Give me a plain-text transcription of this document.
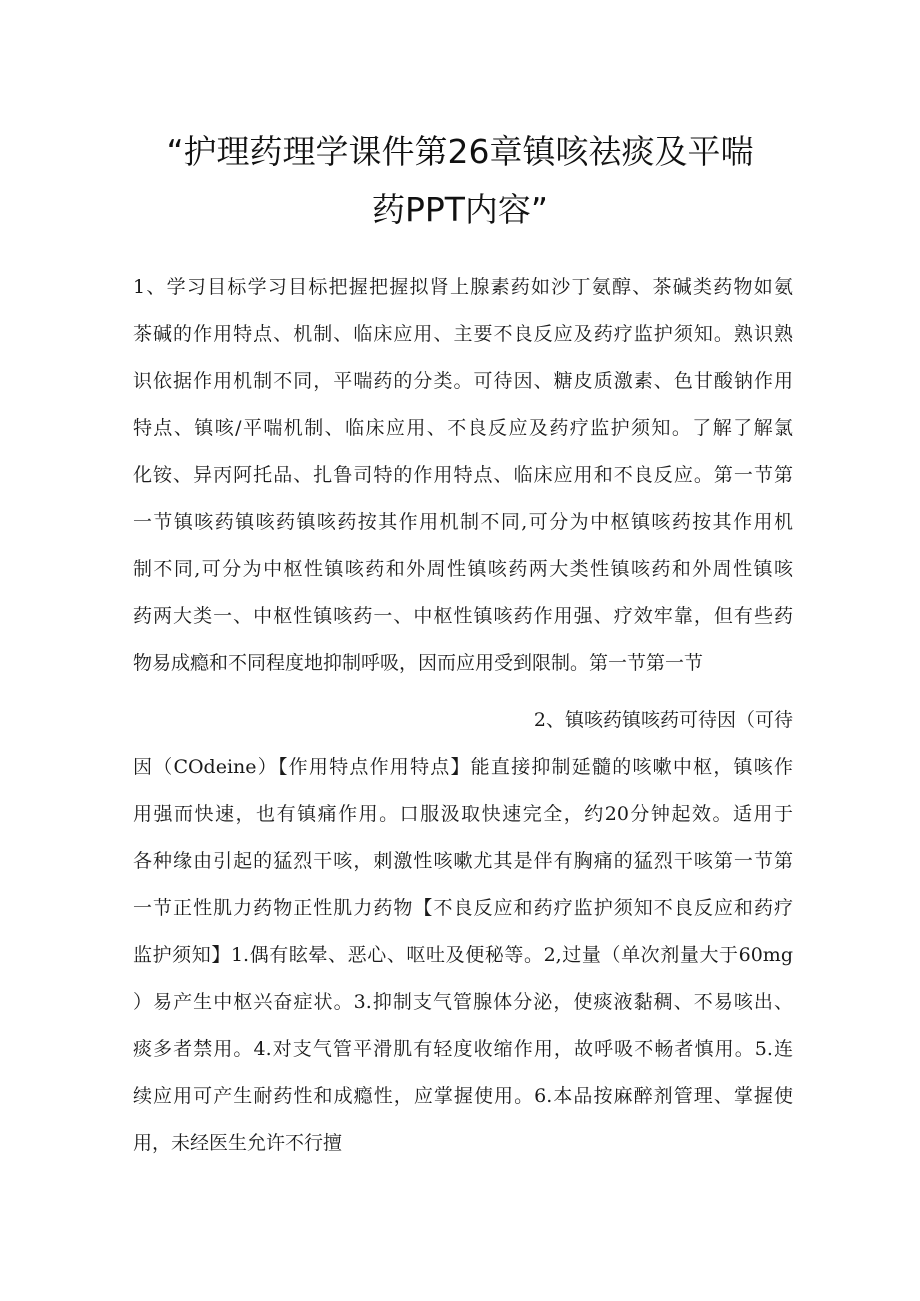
“护理药理学课件第26章镇咳祛痰及平喘
药PPT内容”
1、学习目标学习目标把握把握拟肾上腺素药如沙丁氨醇、茶碱类药物如氨
茶碱的作用特点、机制、临床应用、主要不良反应及药疗监护须知。熟识熟
识依据作用机制不同，平喘药的分类。可待因、糖皮质激素、色甘酸钠作用
特点、镇咳/平喘机制、临床应用、不良反应及药疗监护须知。了解了解氯
化铵、异丙阿托品、扎鲁司特的作用特点、临床应用和不良反应。第一节第
一节镇咳药镇咳药镇咳药按其作用机制不同,可分为中枢镇咳药按其作用机
制不同,可分为中枢性镇咳药和外周性镇咳药两大类性镇咳药和外周性镇咳
药两大类一、中枢性镇咳药一、中枢性镇咳药作用强、疗效牢靠，但有些药
物易成瘾和不同程度地抑制呼吸，因而应用受到限制。第一节第一节
2、镇咳药镇咳药可待因（可待
因（COdeine）【作用特点作用特点】能直接抑制延髓的咳嗽中枢，镇咳作
用强而快速，也有镇痛作用。口服汲取快速完全，约20分钟起效。适用于
各种缘由引起的猛烈干咳，刺激性咳嗽尤其是伴有胸痛的猛烈干咳第一节第
一节正性肌力药物正性肌力药物【不良反应和药疗监护须知不良反应和药疗
监护须知】1.偶有眩晕、恶心、呕吐及便秘等。2,过量（单次剂量大于60mg
）易产生中枢兴奋症状。3.抑制支气管腺体分泌，使痰液黏稠、不易咳出、
痰多者禁用。4.对支气管平滑肌有轻度收缩作用，故呼吸不畅者慎用。5.连
续应用可产生耐药性和成瘾性，应掌握使用。6.本品按麻醉剂管理、掌握使
用，未经医生允许不行擅
